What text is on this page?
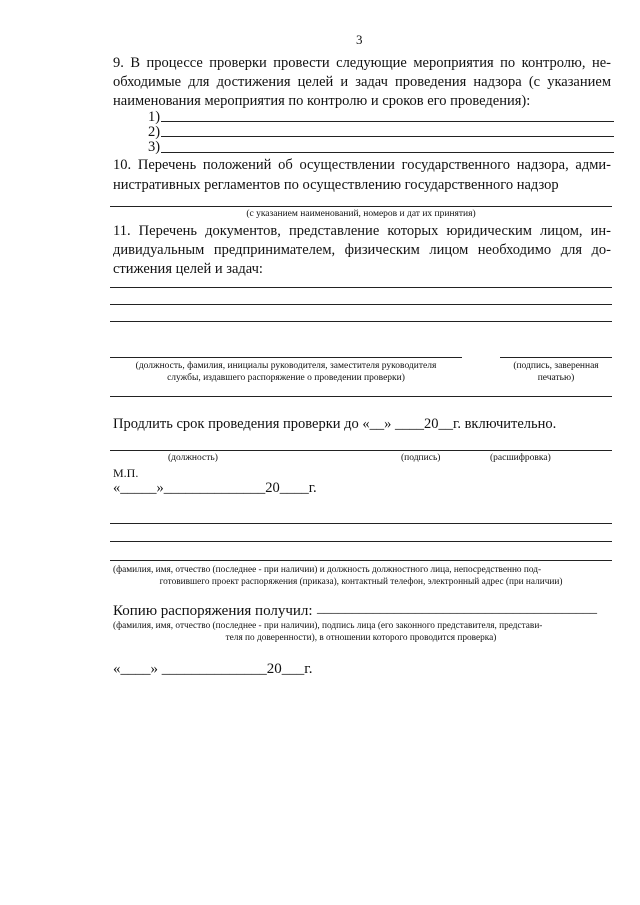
3
9. В процессе проверки провести следующие мероприятия по контролю, не-
обходимые для достижения целей и задач проведения надзора (с указанием
наименования мероприятия по контролю и сроков его проведения):
1)
2)
3)
10. Перечень положений об осуществлении государственного надзора, адми-
нистративных регламентов по осуществлению государственного надзор
(с указанием наименований, номеров и дат их принятия)
11. Перечень документов, представление которых юридическим лицом, ин-
дивидуальным предпринимателем, физическим лицом необходимо для до-
стижения целей и задач:
(должность, фамилия, инициалы руководителя, заместителя руководителя
службы, издавшего распоряжение о проведении проверки)
(подпись, заверенная
печатью)
Продлить срок проведения проверки до «__» ____20__г. включительно.
(должность)	(подпись)	(расшифровка)
М.П.
«_____»______________20____г.
(фамилия, имя, отчество (последнее - при наличии) и должность должностного лица, непосредственно под-
готовившего проект распоряжения (приказа), контактный телефон, электронный адрес (при наличии)
Копию распоряжения получил: ________________________________________
(фамилия, имя, отчество (последнее - при наличии), подпись лица (его законного представителя, представи-
теля по доверенности), в отношении которого проводится проверка)
«____» ______________20___г.
